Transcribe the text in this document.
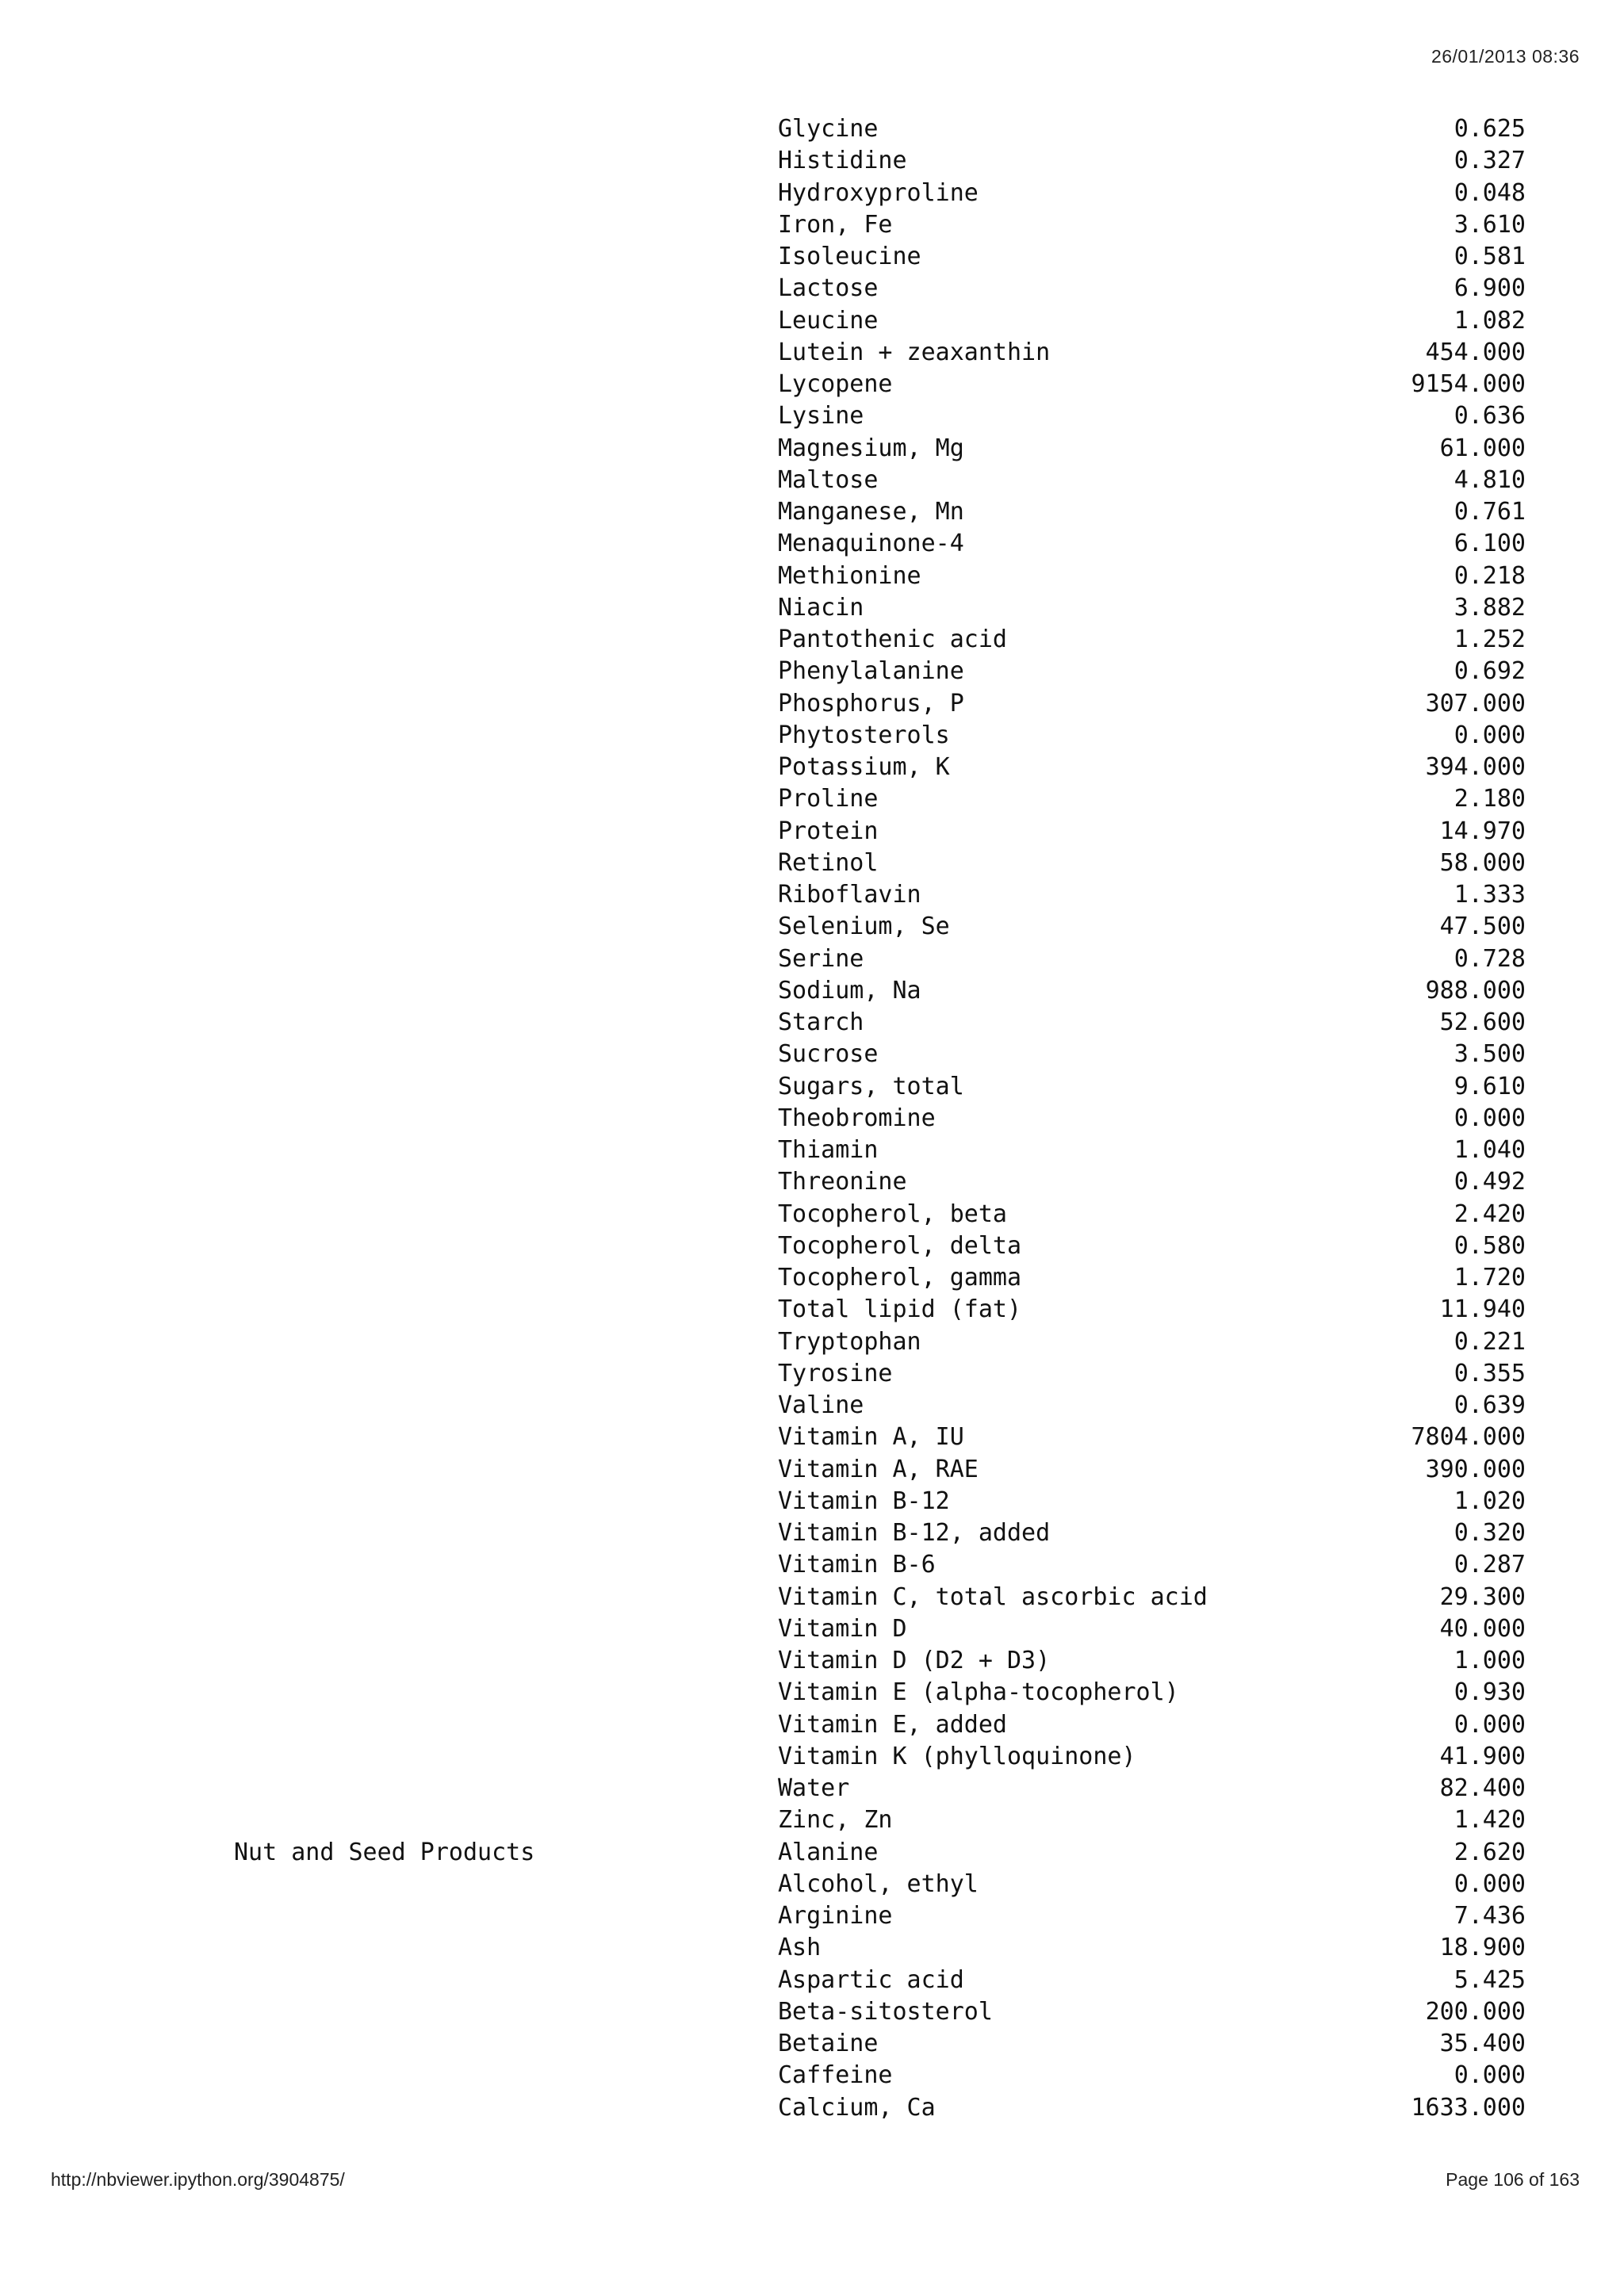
26/01/2013 08:36
Glycine	0.625
Histidine	0.327
Hydroxyproline	0.048
Iron, Fe	3.610
Isoleucine	0.581
Lactose	6.900
Leucine	1.082
Lutein + zeaxanthin	454.000
Lycopene	9154.000
Lysine	0.636
Magnesium, Mg	61.000
Maltose	4.810
Manganese, Mn	0.761
Menaquinone-4	6.100
Methionine	0.218
Niacin	3.882
Pantothenic acid	1.252
Phenylalanine	0.692
Phosphorus, P	307.000
Phytosterols	0.000
Potassium, K	394.000
Proline	2.180
Protein	14.970
Retinol	58.000
Riboflavin	1.333
Selenium, Se	47.500
Serine	0.728
Sodium, Na	988.000
Starch	52.600
Sucrose	3.500
Sugars, total	9.610
Theobromine	0.000
Thiamin	1.040
Threonine	0.492
Tocopherol, beta	2.420
Tocopherol, delta	0.580
Tocopherol, gamma	1.720
Total lipid (fat)	11.940
Tryptophan	0.221
Tyrosine	0.355
Valine	0.639
Vitamin A, IU	7804.000
Vitamin A, RAE	390.000
Vitamin B-12	1.020
Vitamin B-12, added	0.320
Vitamin B-6	0.287
Vitamin C, total ascorbic acid	29.300
Vitamin D	40.000
Vitamin D (D2 + D3)	1.000
Vitamin E (alpha-tocopherol)	0.930
Vitamin E, added	0.000
Vitamin K (phylloquinone)	41.900
Water	82.400
Zinc, Zn	1.420
Nut and Seed Products	Alanine	2.620
Alcohol, ethyl	0.000
Arginine	7.436
Ash	18.900
Aspartic acid	5.425
Beta-sitosterol	200.000
Betaine	35.400
Caffeine	0.000
Calcium, Ca	1633.000
http://nbviewer.ipython.org/3904875/	Page 106 of 163
